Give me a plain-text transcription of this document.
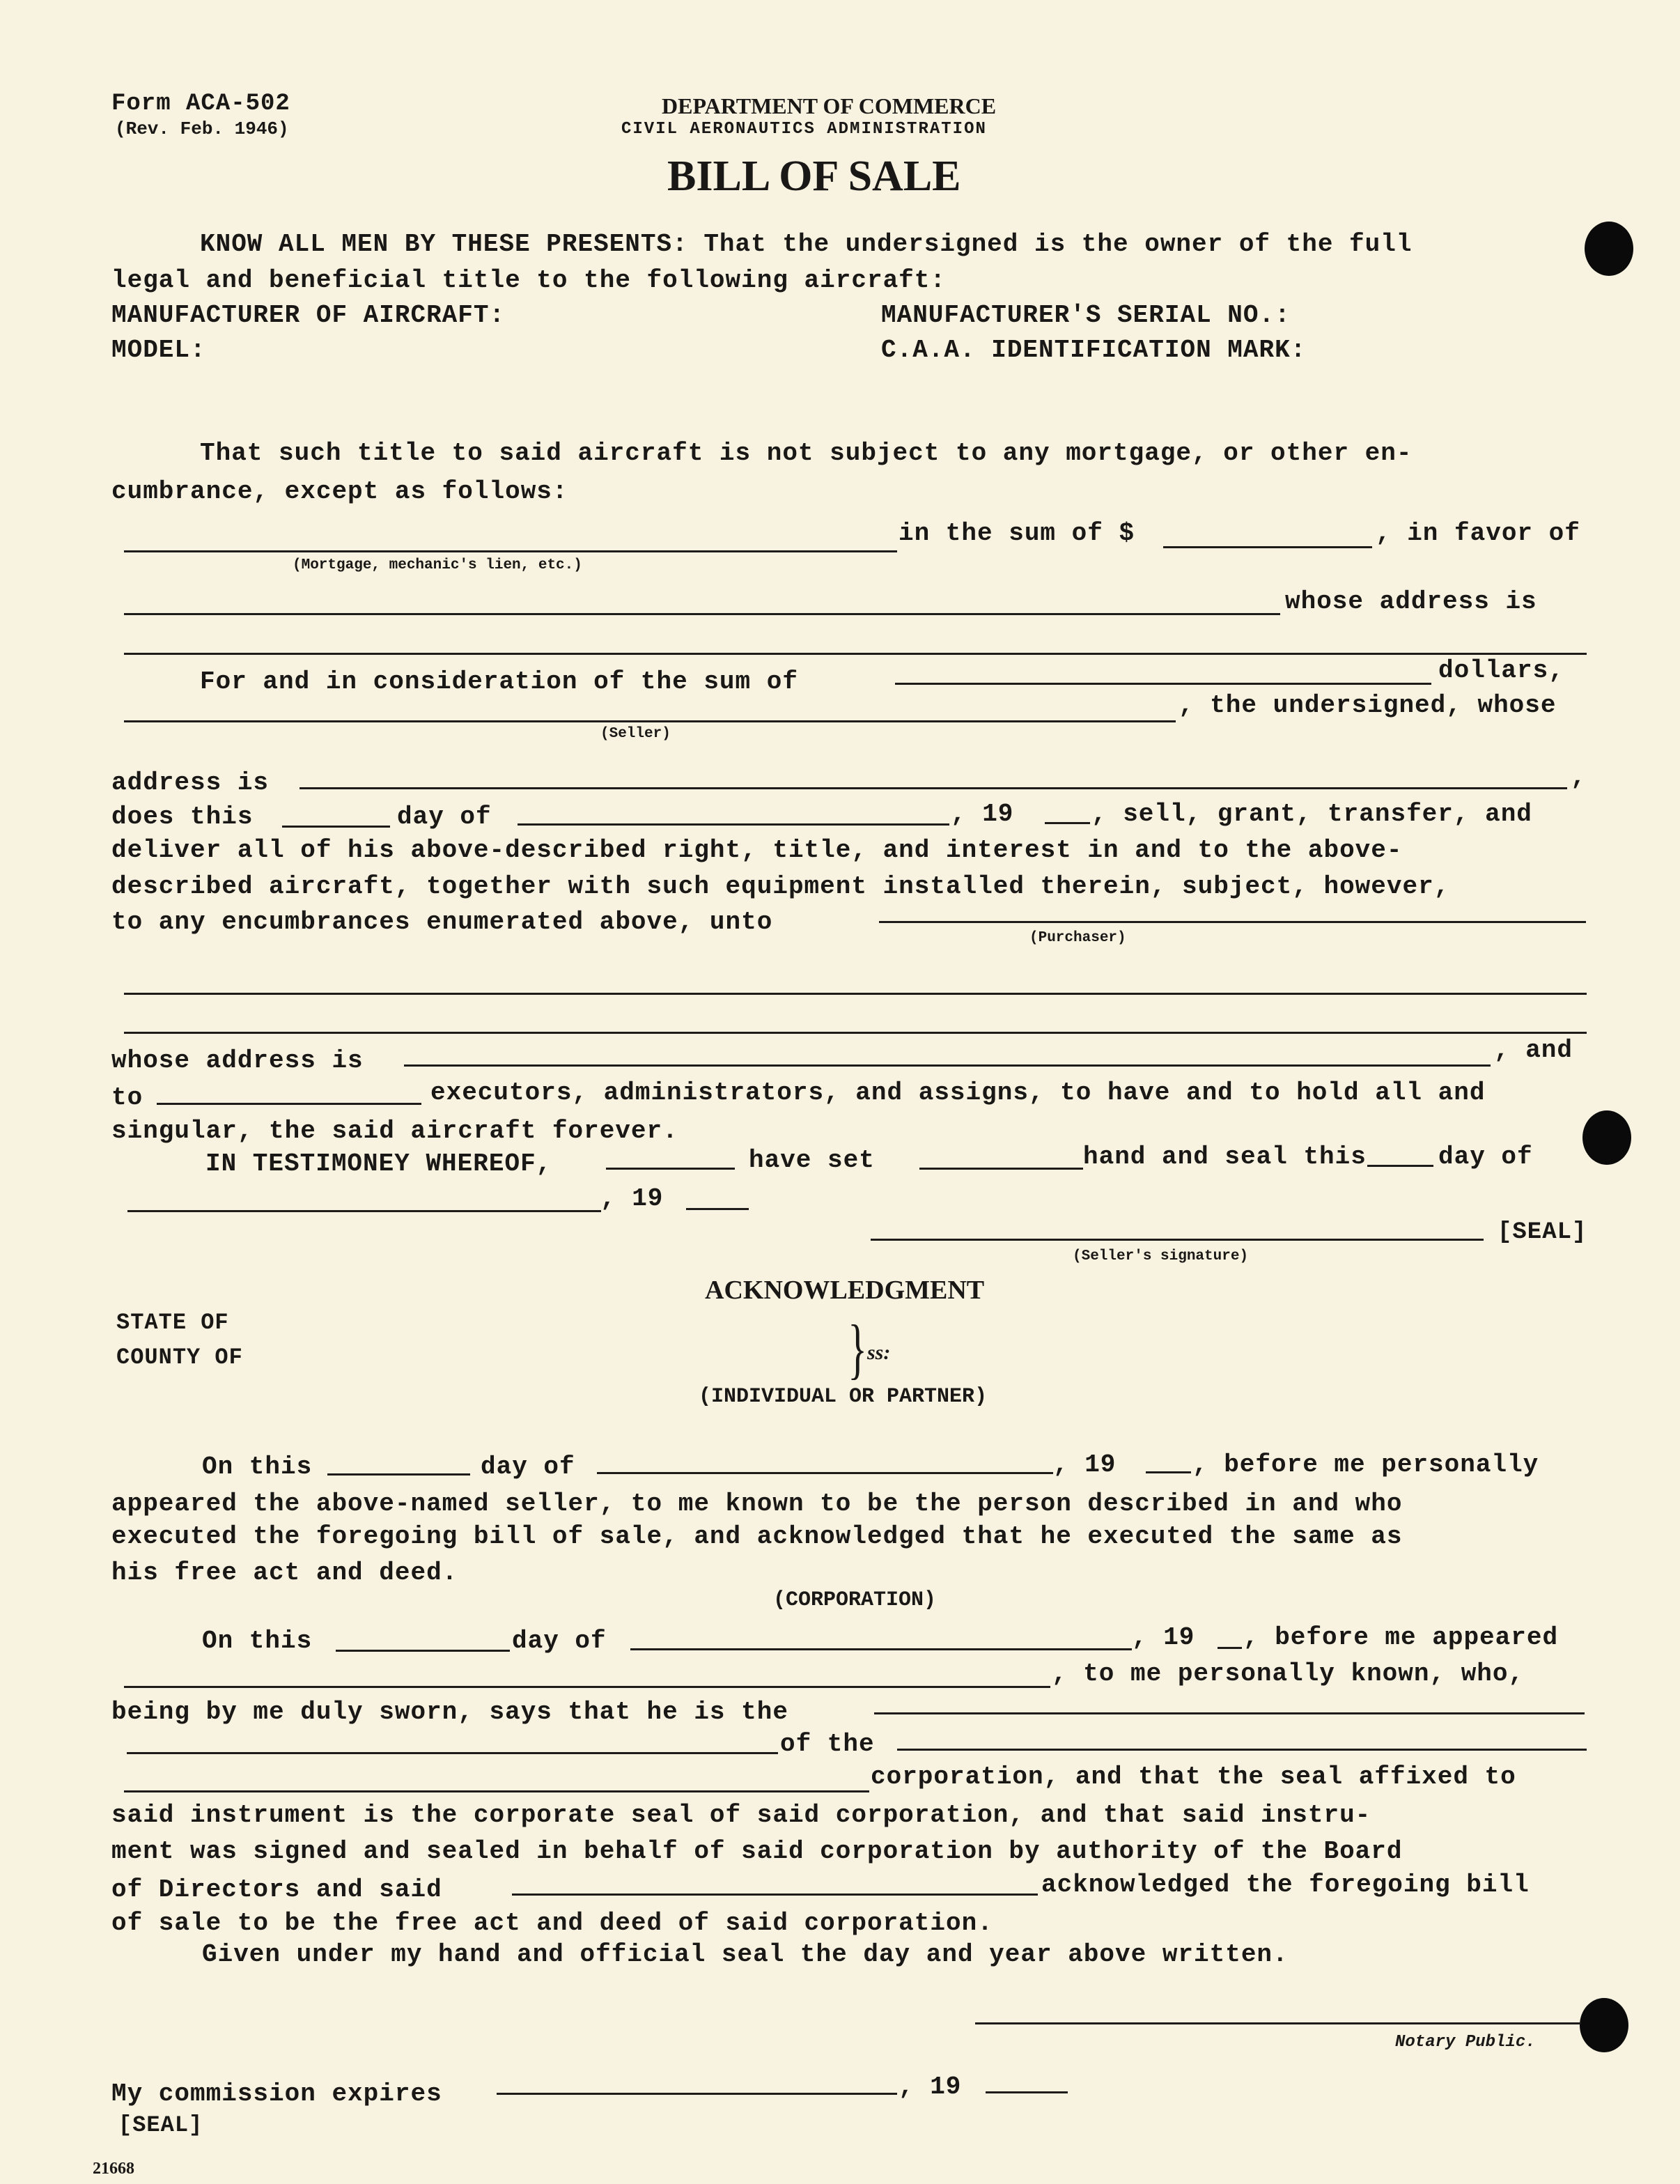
Form ACA-502
(Rev. Feb. 1946)
DEPARTMENT OF COMMERCE
CIVIL AERONAUTICS ADMINISTRATION
BILL OF SALE
KNOW ALL MEN BY THESE PRESENTS: That the undersigned is the owner of the full
legal and beneficial title to the following aircraft:
MANUFACTURER OF AIRCRAFT:	MANUFACTURER'S SERIAL NO.:
MODEL:	C.A.A. IDENTIFICATION MARK:
That such title to said aircraft is not subject to any mortgage, or other en-
cumbrance, except as follows:
in the sum of $	, in favor of
(Mortgage, mechanic's lien, etc.)
whose address is
For and in consideration of the sum of	dollars,
, the undersigned, whose
(Seller)
address is	,
does this	day of	, 19	, sell, grant, transfer, and
deliver all of his above-described right, title, and interest in and to the above-
described aircraft, together with such equipment installed therein, subject, however,
to any encumbrances enumerated above, unto
(Purchaser)
whose address is	, and
to	executors, administrators, and assigns, to have and to hold all and
singular, the said aircraft forever.
IN TESTIMONEY WHEREOF,	have set	hand and seal this	day of
, 19
[SEAL]
(Seller's signature)
ACKNOWLEDGMENT
STATE OF
COUNTY OF	} ss:
(INDIVIDUAL OR PARTNER)
On this	day of	, 19	, before me personally
appeared the above-named seller, to me known to be the person described in and who
executed the foregoing bill of sale, and acknowledged that he executed the same as
his free act and deed.
(CORPORATION)
On this	day of	, 19 , before me appeared
, to me personally known, who,
being by me duly sworn, says that he is the
of the
corporation, and that the seal affixed to
said instrument is the corporate seal of said corporation, and that said instru-
ment was signed and sealed in behalf of said corporation by authority of the Board
of Directors and said	acknowledged the foregoing bill
of sale to be the free act and deed of said corporation.
Given under my hand and official seal the day and year above written.
Notary Public.
My commission expires	, 19
[SEAL]
21668
